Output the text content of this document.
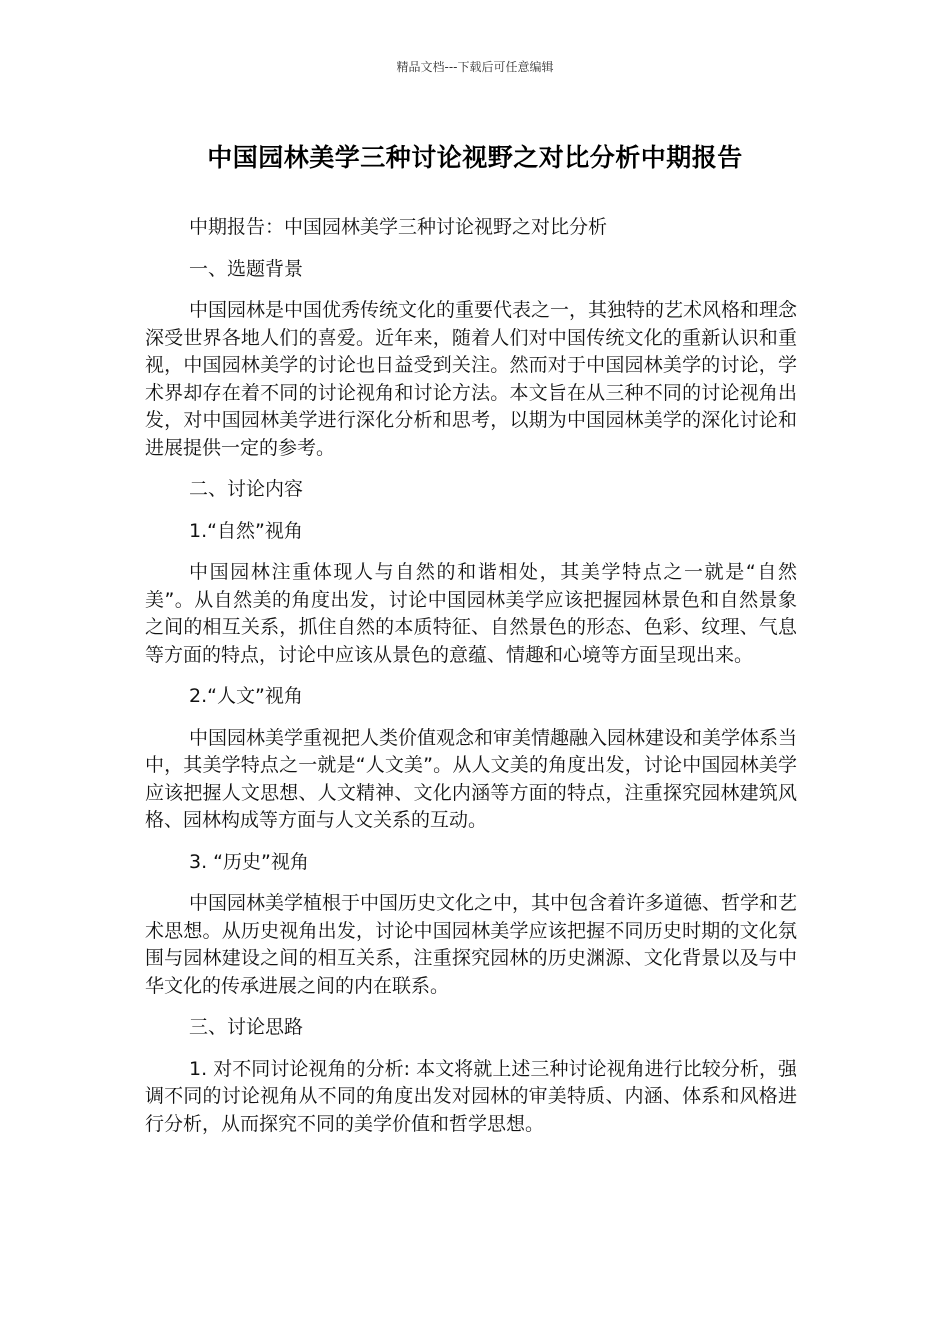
精品文档---下载后可任意编辑
中国园林美学三种讨论视野之对比分析中期报告

中期报告：中国园林美学三种讨论视野之对比分析

一、选题背景

中国园林是中国优秀传统文化的重要代表之一，其独特的艺术风格和理念深受世界各地人们的喜爱。近年来，随着人们对中国传统文化的重新认识和重视，中国园林美学的讨论也日益受到关注。然而对于中国园林美学的讨论，学术界却存在着不同的讨论视角和讨论方法。本文旨在从三种不同的讨论视角出发，对中国园林美学进行深化分析和思考，以期为中国园林美学的深化讨论和进展提供一定的参考。

二、讨论内容

1.“自然”视角

中国园林注重体现人与自然的和谐相处，其美学特点之一就是“自然美”。从自然美的角度出发，讨论中国园林美学应该把握园林景色和自然景象之间的相互关系，抓住自然的本质特征、自然景色的形态、色彩、纹理、气息等方面的特点，讨论中应该从景色的意蕴、情趣和心境等方面呈现出来。

2.“人文”视角

中国园林美学重视把人类价值观念和审美情趣融入园林建设和美学体系当中，其美学特点之一就是“人文美”。从人文美的角度出发，讨论中国园林美学应该把握人文思想、人文精神、文化内涵等方面的特点，注重探究园林建筑风格、园林构成等方面与人文关系的互动。

3. “历史”视角

中国园林美学植根于中国历史文化之中，其中包含着许多道德、哲学和艺术思想。从历史视角出发，讨论中国园林美学应该把握不同历史时期的文化氛围与园林建设之间的相互关系，注重探究园林的历史渊源、文化背景以及与中华文化的传承进展之间的内在联系。

三、讨论思路

1. 对不同讨论视角的分析: 本文将就上述三种讨论视角进行比较分析，强调不同的讨论视角从不同的角度出发对园林的审美特质、内涵、体系和风格进行分析，从而探究不同的美学价值和哲学思想。
